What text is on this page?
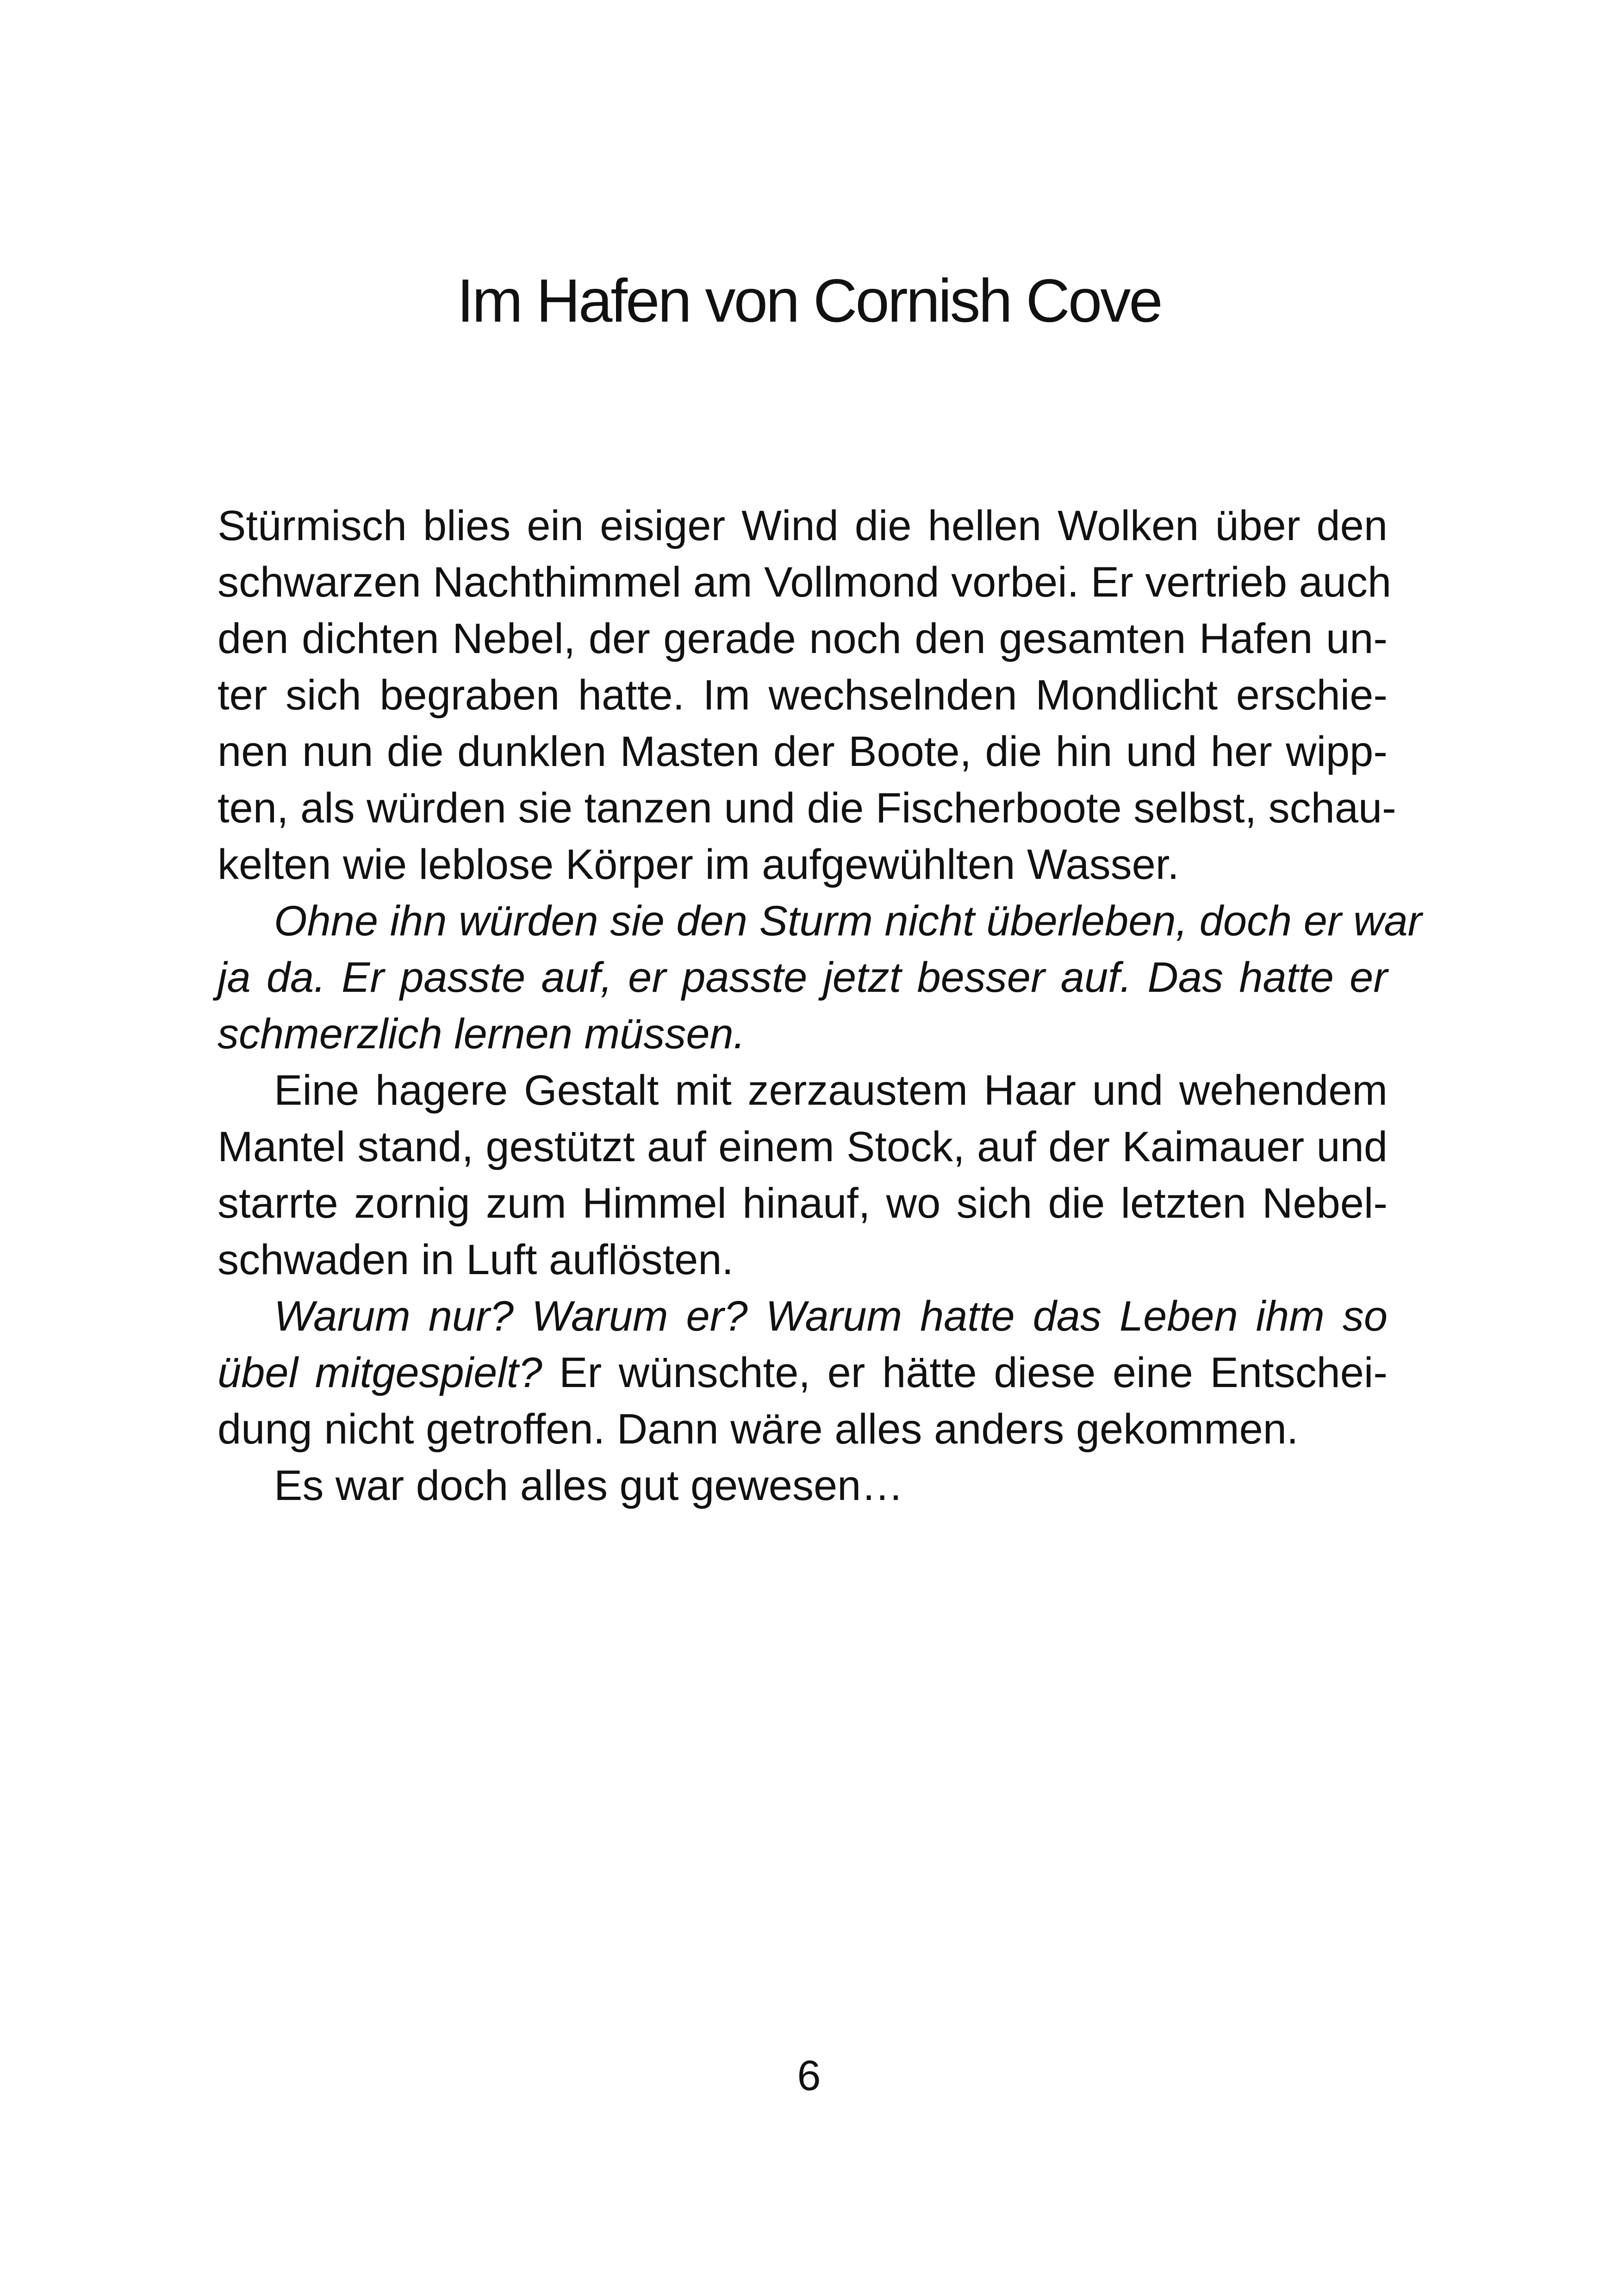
Im Hafen von Cornish Cove
Stürmisch blies ein eisiger Wind die hellen Wolken über den
schwarzen Nachthimmel am Vollmond vorbei. Er vertrieb auch
den dichten Nebel, der gerade noch den gesamten Hafen un-
ter sich begraben hatte. Im wechselnden Mondlicht erschie-
nen nun die dunklen Masten der Boote, die hin und her wipp-
ten, als würden sie tanzen und die Fischerboote selbst, schau-
kelten wie leblose Körper im aufgewühlten Wasser.
Ohne ihn würden sie den Sturm nicht überleben, doch er war
ja da. Er passte auf, er passte jetzt besser auf. Das hatte er
schmerzlich lernen müssen.
Eine hagere Gestalt mit zerzaustem Haar und wehendem
Mantel stand, gestützt auf einem Stock, auf der Kaimauer und
starrte zornig zum Himmel hinauf, wo sich die letzten Nebel-
schwaden in Luft auflösten.
Warum nur? Warum er? Warum hatte das Leben ihm so
übel mitgespielt? Er wünschte, er hätte diese eine Entschei-
dung nicht getroffen. Dann wäre alles anders gekommen.
Es war doch alles gut gewesen…
6
